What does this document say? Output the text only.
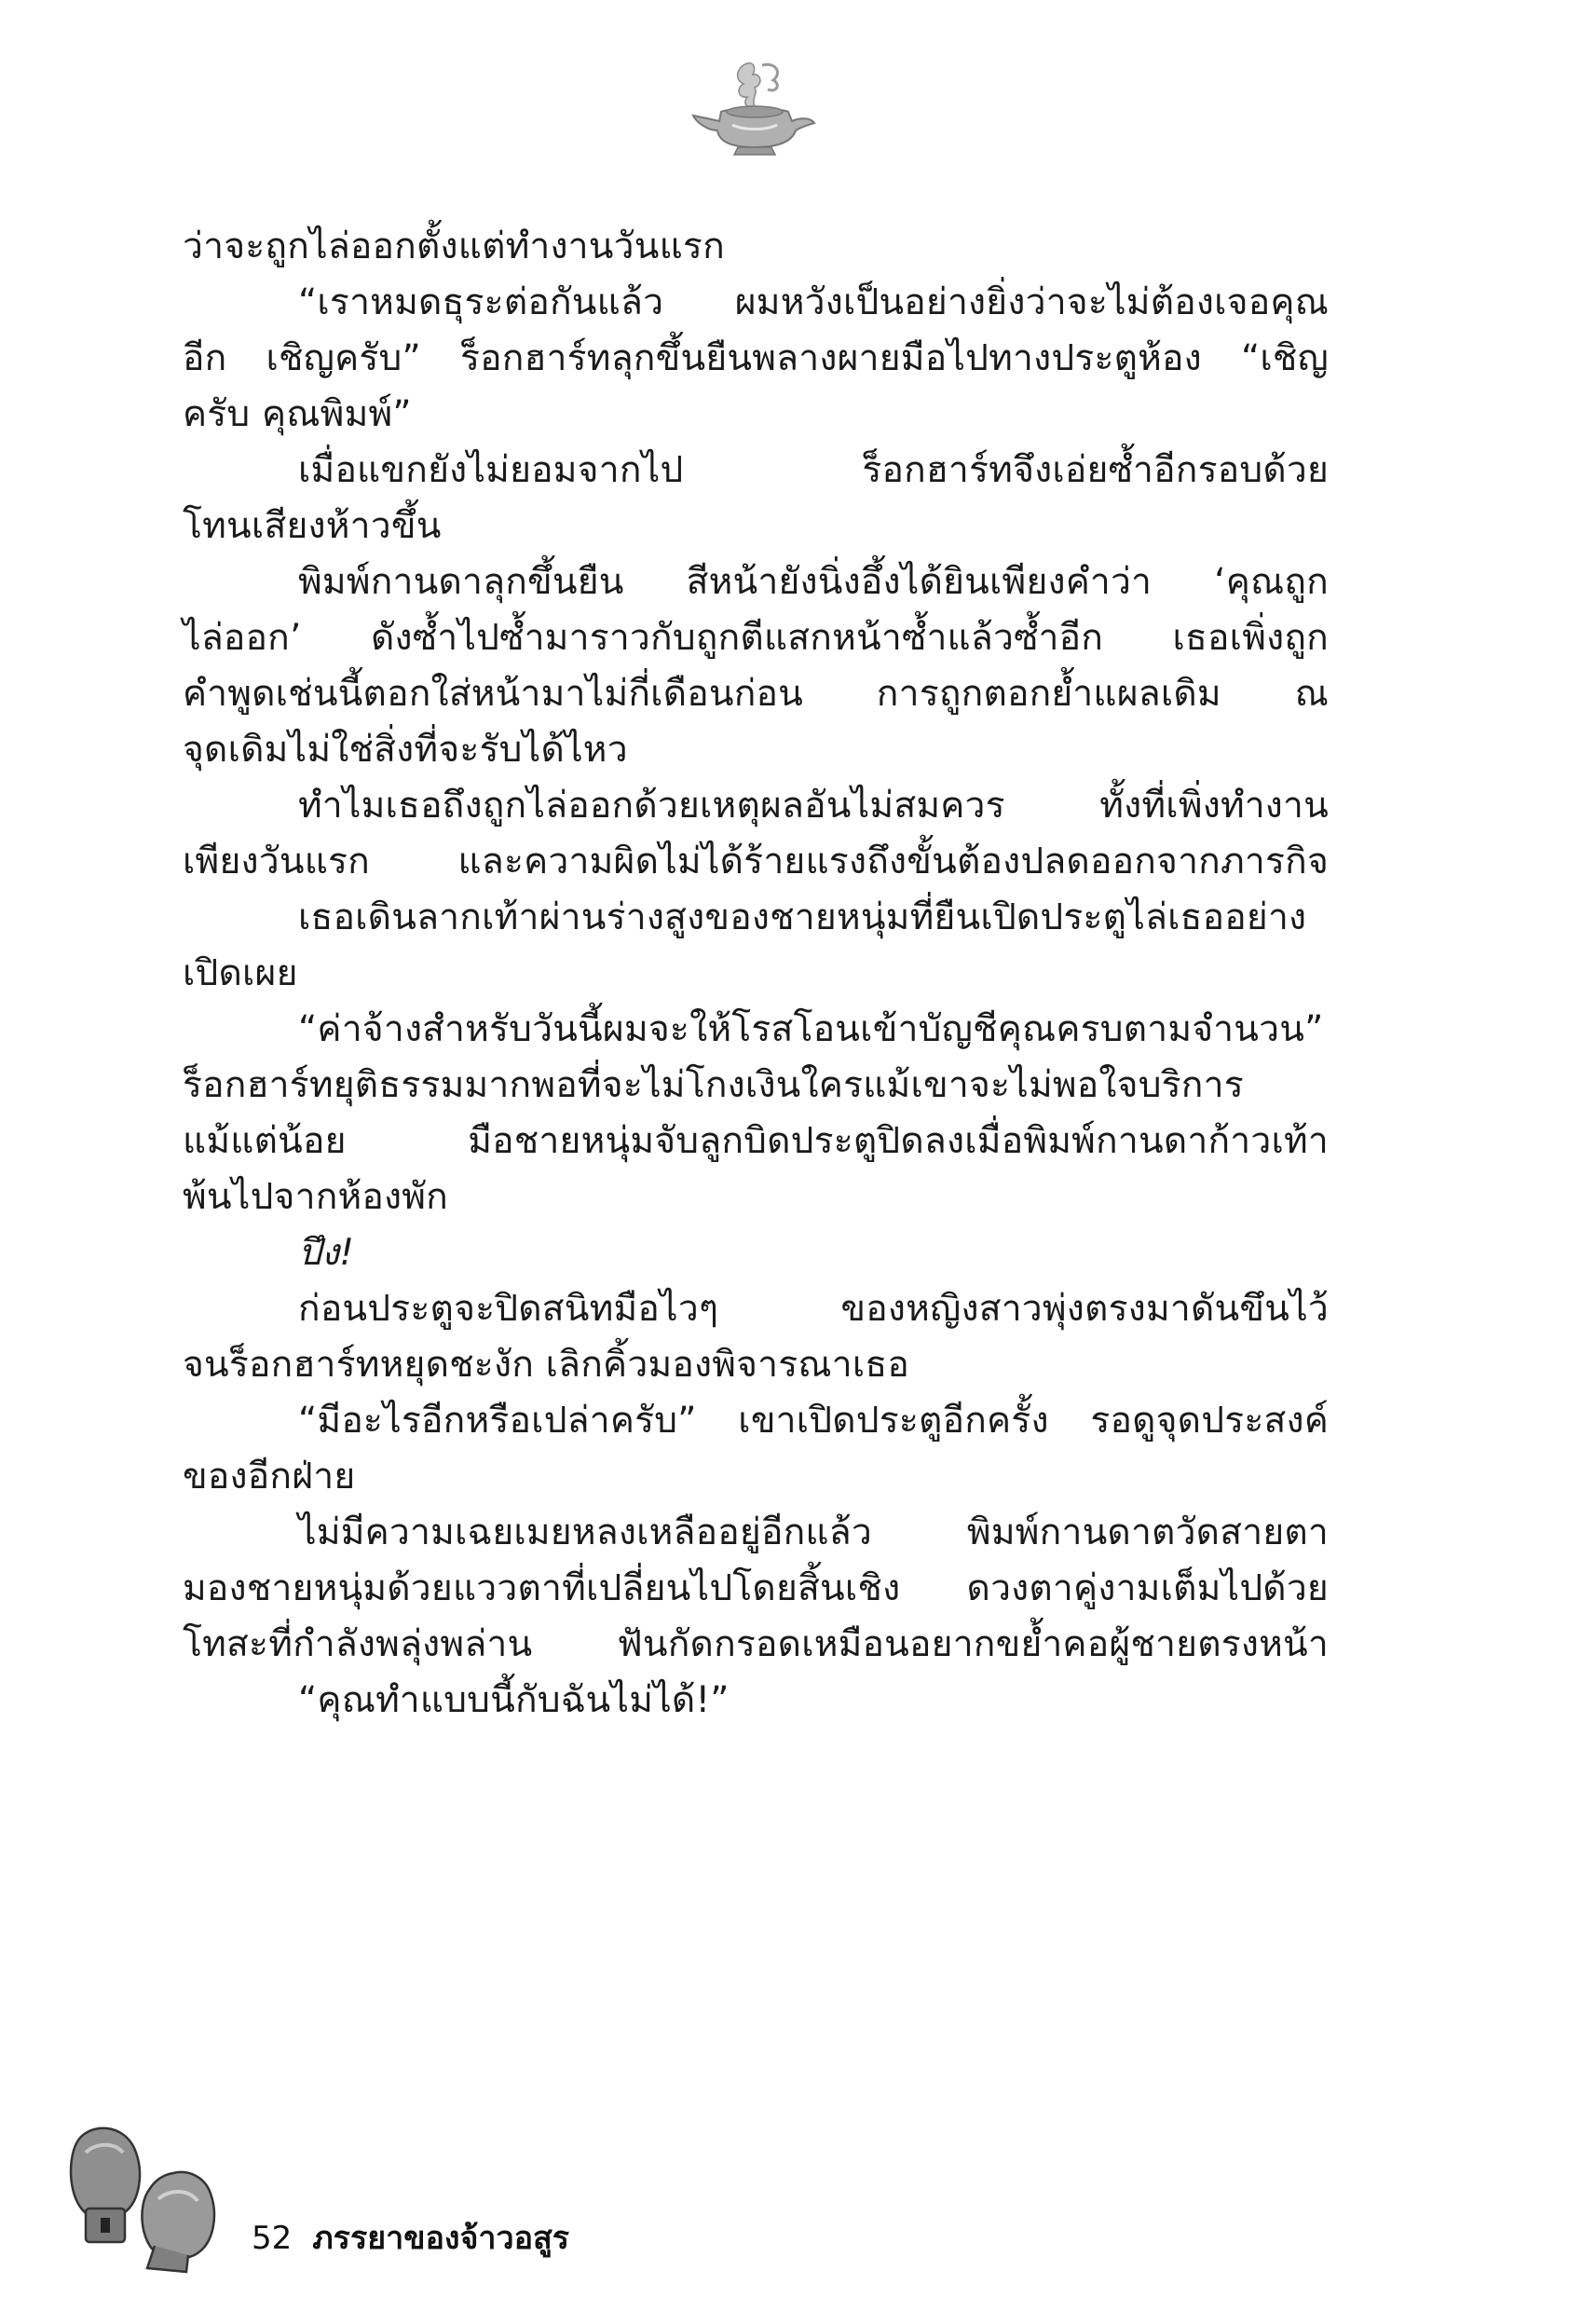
ว่าจะถูกไล่ออกตั้งแต่ทำงานวันแรก
“เราหมดธุระต่อกันแล้ว ผมหวังเป็นอย่างยิ่งว่าจะไม่ต้องเจอคุณ
อีก เชิญครับ” ร็อกฮาร์ทลุกขึ้นยืนพลางผายมือไปทางประตูห้อง “เชิญ
ครับ คุณพิมพ์”
เมื่อแขกยังไม่ยอมจากไป ร็อกฮาร์ทจึงเอ่ยซ้ำอีกรอบด้วย
โทนเสียงห้าวขึ้น
พิมพ์กานดาลุกขึ้นยืน สีหน้ายังนิ่งอึ้งได้ยินเพียงคำว่า ‘คุณถูก
ไล่ออก’ ดังซ้ำไปซ้ำมาราวกับถูกตีแสกหน้าซ้ำแล้วซ้ำอีก เธอเพิ่งถูก
คำพูดเช่นนี้ตอกใส่หน้ามาไม่กี่เดือนก่อน การถูกตอกย้ำแผลเดิม ณ
จุดเดิมไม่ใช่สิ่งที่จะรับได้ไหว
ทำไมเธอถึงถูกไล่ออกด้วยเหตุผลอันไม่สมควร ทั้งที่เพิ่งทำงาน
เพียงวันแรก และความผิดไม่ได้ร้ายแรงถึงขั้นต้องปลดออกจากภารกิจ
เธอเดินลากเท้าผ่านร่างสูงของชายหนุ่มที่ยืนเปิดประตูไล่เธออย่าง
เปิดเผย
“ค่าจ้างสำหรับวันนี้ผมจะให้โรสโอนเข้าบัญชีคุณครบตามจำนวน”
ร็อกฮาร์ทยุติธรรมมากพอที่จะไม่โกงเงินใครแม้เขาจะไม่พอใจบริการ
แม้แต่น้อย มือชายหนุ่มจับลูกบิดประตูปิดลงเมื่อพิมพ์กานดาก้าวเท้า
พ้นไปจากห้องพัก
ปึง!
ก่อนประตูจะปิดสนิทมือไวๆ ของหญิงสาวพุ่งตรงมาดันขึนไว้
จนร็อกฮาร์ทหยุดชะงัก เลิกคิ้วมองพิจารณาเธอ
“มีอะไรอีกหรือเปล่าครับ” เขาเปิดประตูอีกครั้ง รอดูจุดประสงค์
ของอีกฝ่าย
ไม่มีความเฉยเมยหลงเหลืออยู่อีกแล้ว พิมพ์กานดาตวัดสายตา
มองชายหนุ่มด้วยแววตาที่เปลี่ยนไปโดยสิ้นเชิง ดวงตาคู่งามเต็มไปด้วย
โทสะที่กำลังพลุ่งพล่าน ฟันกัดกรอดเหมือนอยากขย้ำคอผู้ชายตรงหน้า
“คุณทำแบบนี้กับฉันไม่ได้!”
52 ภรรยาของจ้าวอสูร
